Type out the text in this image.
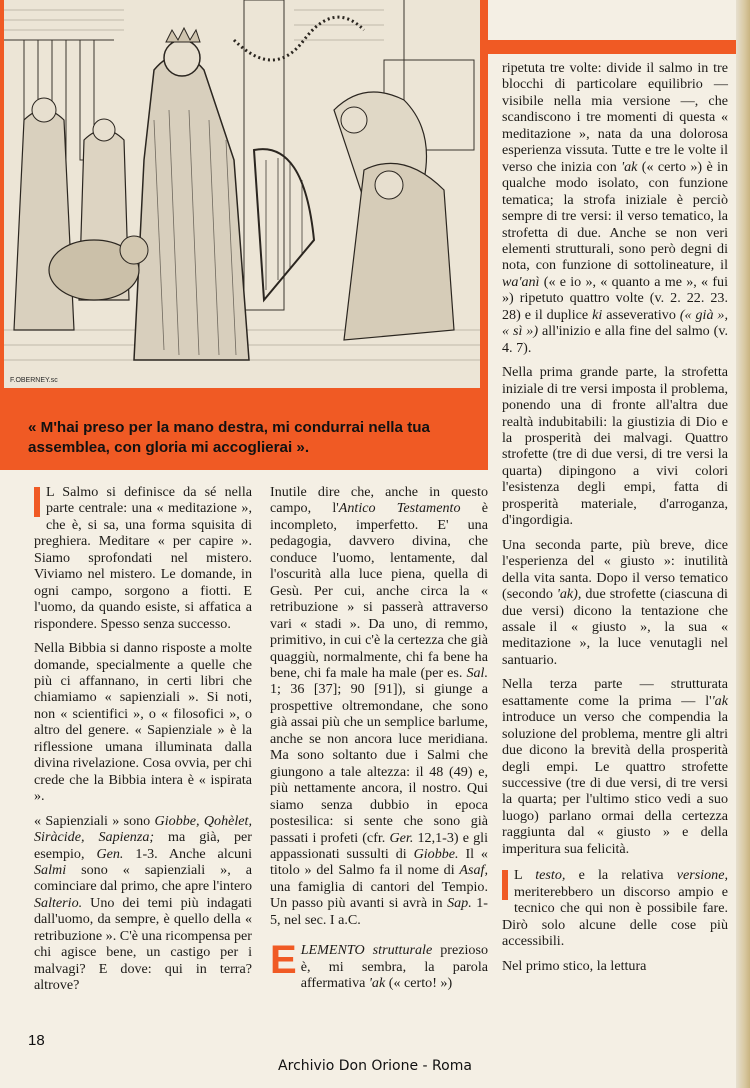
F.OBERNEY.sc
« M'hai preso per la mano destra, mi condurrai nella tua assemblea, con gloria mi accoglierai ».

L Salmo si definisce da sé nella parte centrale: una « meditazione », che è, si sa, una forma squisita di preghiera. Meditare « per capire ». Siamo sprofondati nel mistero. Viviamo nel mistero. Le domande, in ogni campo, sorgono a fiotti. E l'uomo, da quando esiste, si affatica a rispondere. Spesso senza successo.

Nella Bibbia si danno risposte a molte domande, specialmente a quelle che più ci affannano, in certi libri che chiamiamo « sapienziali ». Si noti, non « scientifici », o « filosofici », o altro del genere. « Sapienziale » è la riflessione umana illuminata dalla divina rivelazione. Cosa ovvia, per chi crede che la Bibbia intera è « ispirata ».

« Sapienziali » sono Giobbe, Qohèlet, Siràcide, Sapienza; ma già, per esempio, Gen. 1-3. Anche alcuni Salmi sono « sapienziali », a cominciare dal primo, che apre l'intero Salterio. Uno dei temi più indagati dall'uomo, da sempre, è quello della « retribuzione ». C'è una ricompensa per chi agisce bene, un castigo per i malvagi? E dove: qui in terra? altrove?

Inutile dire che, anche in questo campo, l'Antico Testamento è incompleto, imperfetto. E' una pedagogia, davvero divina, che conduce l'uomo, lentamente, dal l'oscurità alla luce piena, quella di Gesù. Per cui, anche circa la « retribuzione » si passerà attraverso vari « stadi ». Da uno, di remmo, primitivo, in cui c'è la certezza che già quaggiù, normalmente, chi fa bene ha bene, chi fa male ha male (per es. Sal. 1; 36 [37]; 90 [91]), si giunge a prospettive oltremondane, che sono già assai più che un semplice barlume, anche se non ancora luce meridiana. Ma sono soltanto due i Salmi che giungono a tale altezza: il 48 (49) e, più nettamente ancora, il nostro. Qui siamo senza dubbio in epoca postesilica: si sente che sono già passati i profeti (cfr. Ger. 12,1-3) e gli appassionati sussulti di Giobbe. Il « titolo » del Salmo fa il nome di Asaf, una famiglia di cantori del Tempio. Un passo più avanti si avrà in Sap. 1-5, nel sec. I a.C.

ELEMENTO strutturale prezioso è, mi sembra, la parola affermativa 'ak (« certo! »)

ripetuta tre volte: divide il salmo in tre blocchi di particolare equilibrio — visibile nella mia versione —, che scandiscono i tre momenti di questa « meditazione », nata da una dolorosa esperienza vissuta. Tutte e tre le volte il verso che inizia con 'ak (« certo ») è in qualche modo isolato, con funzione tematica; la strofa iniziale è perciò sempre di tre versi: il verso tematico, la strofetta di due. Anche se non veri elementi strutturali, sono però degni di nota, con funzione di sottolineature, il wa'anì (« e io », « quanto a me », « fui ») ripetuto quattro volte (v. 2. 22. 23. 28) e il duplice ki asseverativo (« già », « sì ») all'inizio e alla fine del salmo (v. 4. 7).

Nella prima grande parte, la strofetta iniziale di tre versi imposta il problema, ponendo una di fronte all'altra due realtà indubitabili: la giustizia di Dio e la prosperità dei malvagi. Quattro strofette (tre di due versi, di tre versi la quarta) dipingono a vivi colori l'esistenza degli empi, fatta di prosperità materiale, d'arroganza, d'ingordigia.

Una seconda parte, più breve, dice l'esperienza del « giusto »: inutilità della vita santa. Dopo il verso tematico (secondo 'ak), due strofette (ciascuna di due versi) dicono la tentazione che assale il « giusto », la sua « meditazione », la luce venutagli nel santuario.

Nella terza parte — strutturata esattamente come la prima — l''ak introduce un verso che compendia la soluzione del problema, mentre gli altri due dicono la brevità della prosperità degli empi. Le quattro strofette successive (tre di due versi, di tre versi la quarta; per l'ultimo stico vedi a suo luogo) parlano ormai della certezza raggiunta dal « giusto » e della imperitura sua felicità.

L testo, e la relativa versione, meriterebbero un discorso ampio e tecnico che qui non è possibile fare. Dirò solo alcune delle cose più accessibili.

Nel primo stico, la lettura

18
Archivio Don Orione - Roma
